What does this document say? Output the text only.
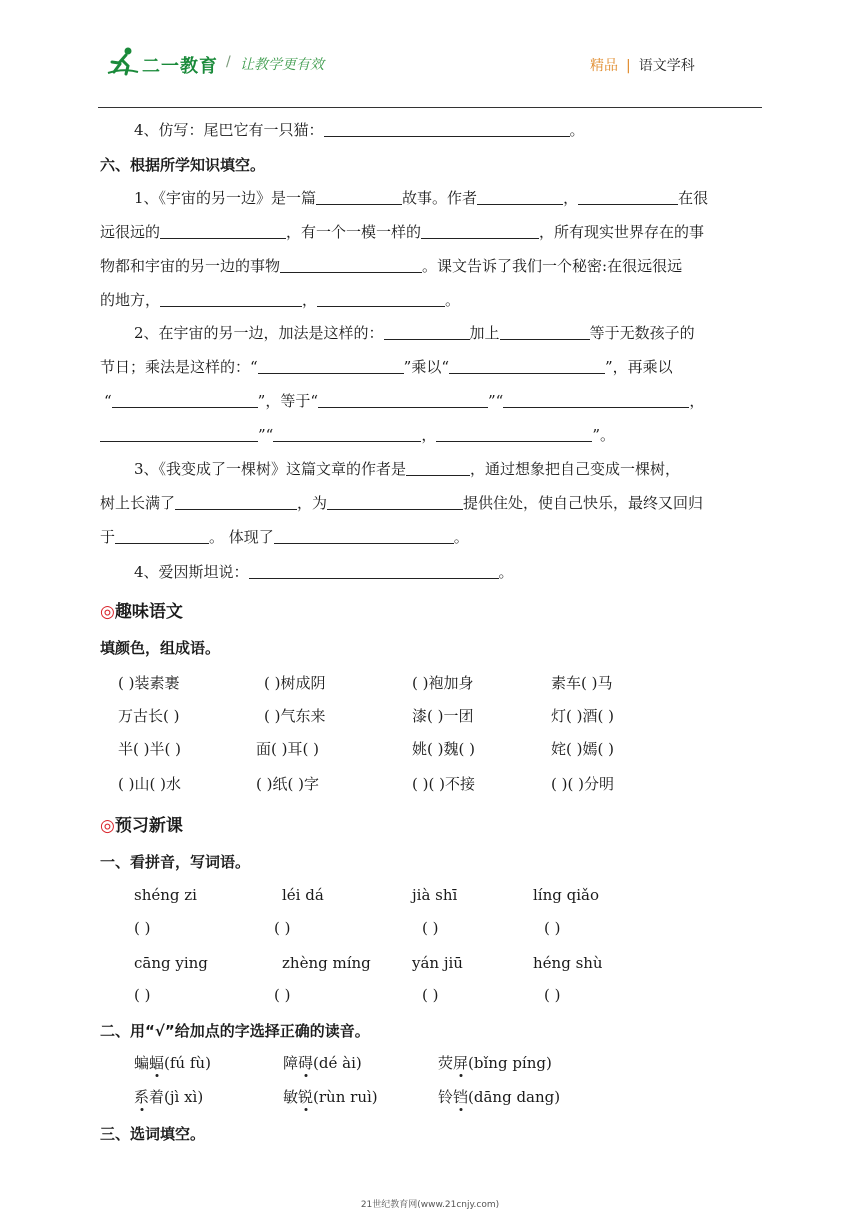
二一教育 / 让教学更有效	精品 | 语文学科
4、仿写：尾巴它有一只猫：	。
六、根据所学知识填空。
1、《宇宙的另一边》是一篇	故事。作者	，	在很
远很远的	，有一个一模一样的	，所有现实世界存在的事
物都和宇宙的另一边的事物	。课文告诉了我们一个秘密:在很远很远
的地方，	，	。
2、在宇宙的另一边，加法是这样的：	加上	等于无数孩子的
节日；乘法是这样的：“	”乘以“	”，再乘以
“	”，等于“	”“	，
”“	，	”。
3、《我变成了一棵树》这篇文章的作者是	，通过想象把自己变成一棵树，
树上长满了	，为	提供住处，使自己快乐，最终又回归
于	。 体现了	。
4、爱因斯坦说：	。
◎趣味语文
填颜色，组成语。
( )装素裹	( )树成阴	( )袍加身	素车( )马
万古长( )	( )气东来	漆( )一团	灯( )酒( )
半( )半( )	面( )耳( )	姚( )魏( )	姹( )嫣( )
( )山( )水	( )纸( )字	( )( )不接	( )( )分明
◎预习新课
一、看拼音，写词语。
shéng zi	léi dá	jià shī	líng qiǎo
( )	( )	( )	( )
cāng ying	zhèng míng	yán jiū	héng shù
( )	( )	( )	( )
二、用“√”给加点的字选择正确的读音。
蝙蝠(fú fù)	障碍(dé ài)	荧屏(bǐng píng)
系着(jì xì)	敏锐(rùn ruì)	铃铛(dāng dang)
三、选词填空。
21世纪教育网(www.21cnjy.com)
